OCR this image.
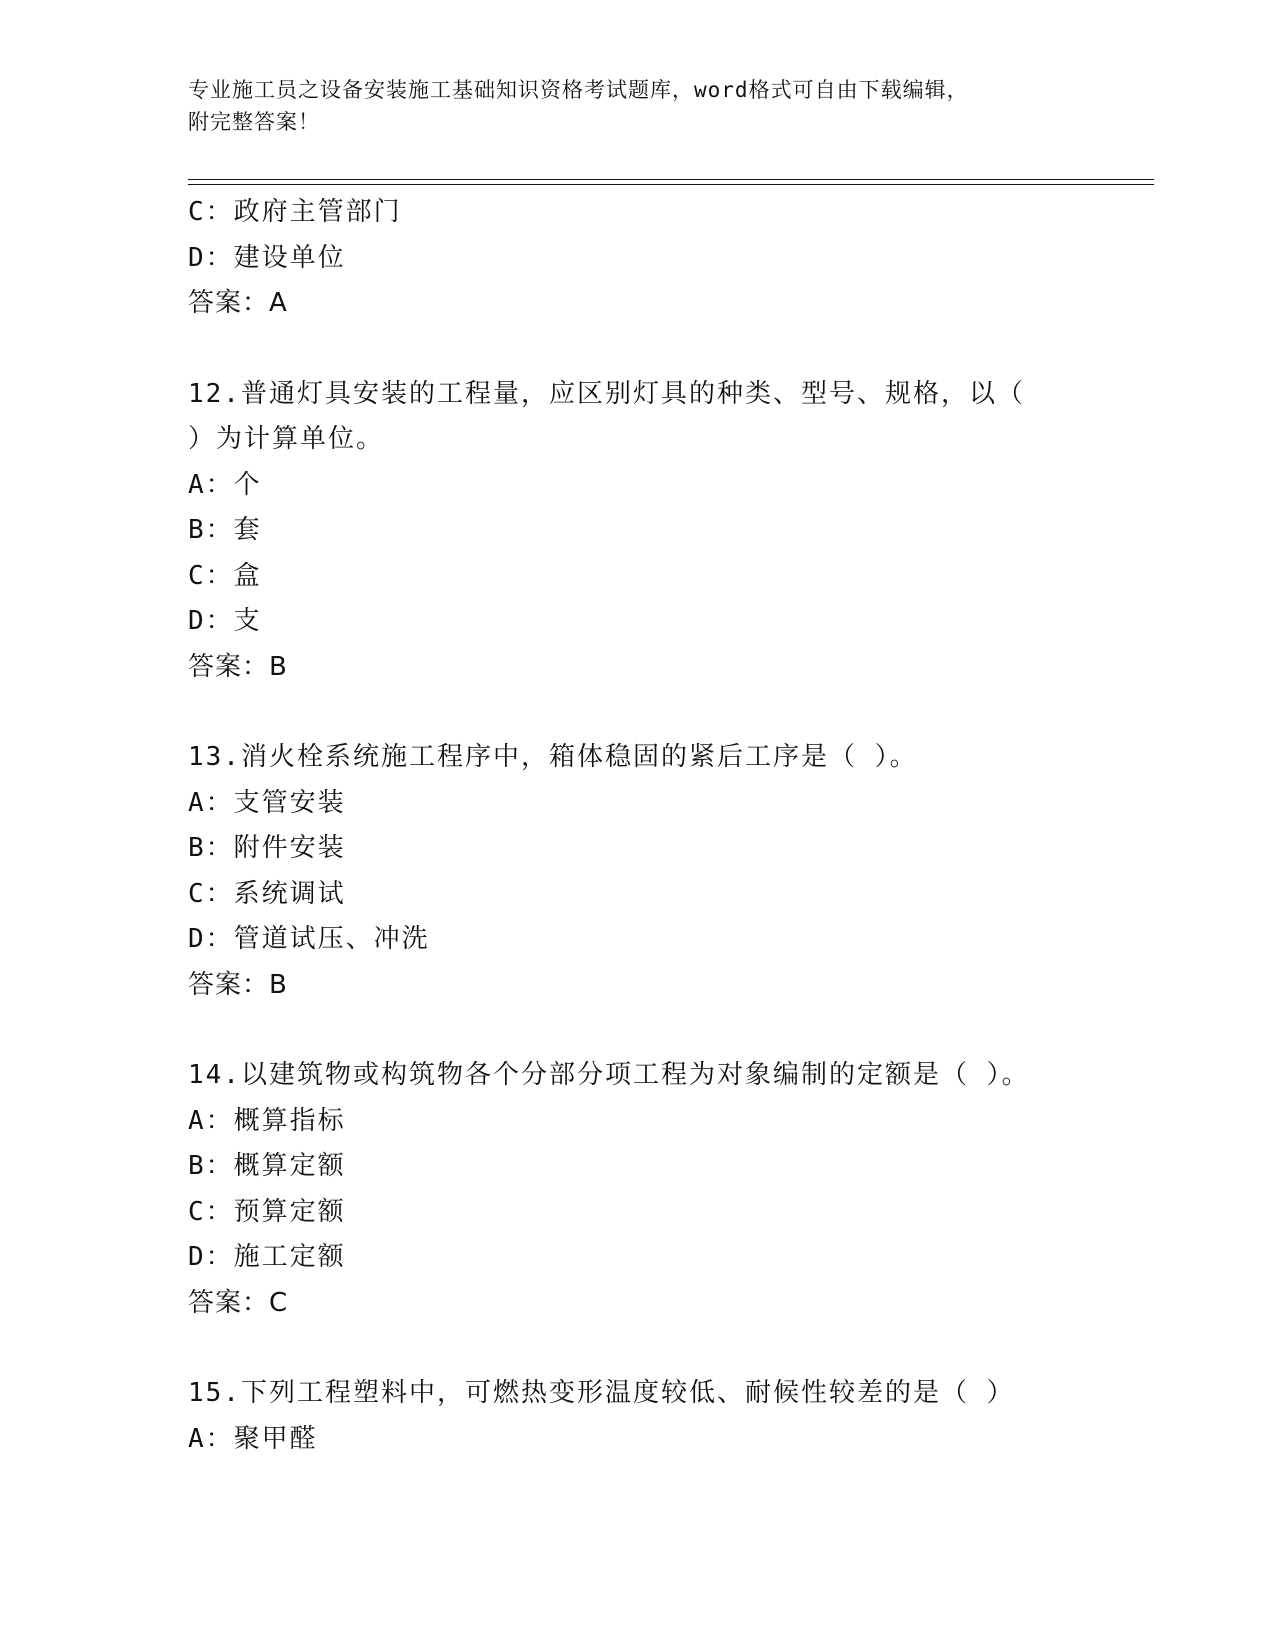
专业施工员之设备安装施工基础知识资格考试题库，word格式可自由下载编辑，
附完整答案！
C：政府主管部门
D：建设单位
答案：A
12.普通灯具安装的工程量，应区别灯具的种类、型号、规格，以（
）为计算单位。
A：个
B：套
C：盒
D：支
答案：B
13.消火栓系统施工程序中，箱体稳固的紧后工序是（ ）。
A：支管安装
B：附件安装
C：系统调试
D：管道试压、冲洗
答案：B
14.以建筑物或构筑物各个分部分项工程为对象编制的定额是（ ）。
A：概算指标
B：概算定额
C：预算定额
D：施工定额
答案：C
15.下列工程塑料中，可燃热变形温度较低、耐候性较差的是（ ）
A：聚甲醛
